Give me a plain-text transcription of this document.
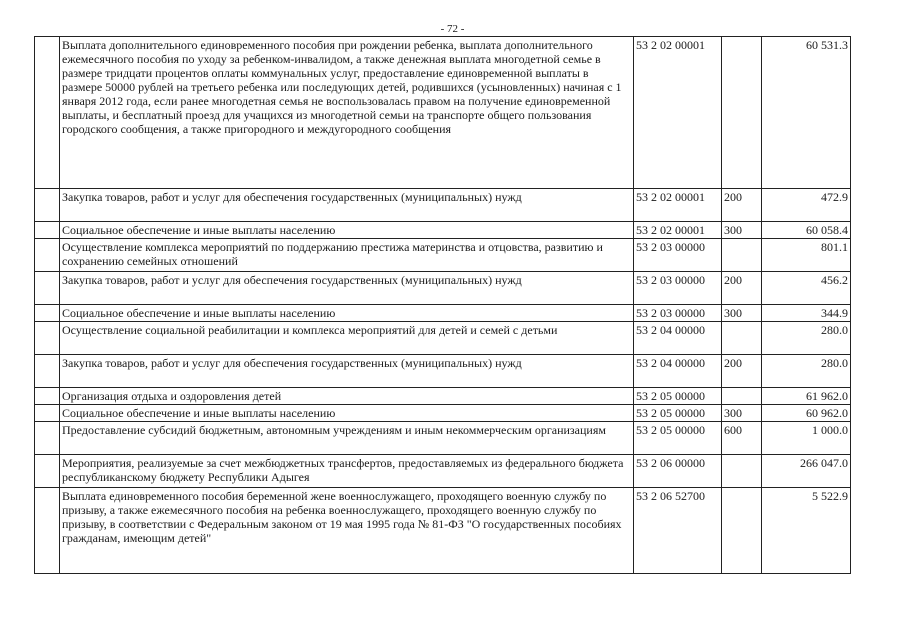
- 72 -
	Выплата дополнительного единовременного пособия при рождении ребенка, выплата дополнительного ежемесячного пособия по уходу за ребенком-инвалидом, а также денежная выплата многодетной семье в размере тридцати процентов оплаты коммунальных услуг, предоставление единовременной выплаты в размере 50000 рублей на третьего ребенка или последующих детей, родившихся (усыновленных) начиная с 1 января 2012 года, если ранее многодетная семья не воспользовалась правом на получение единовременной выплаты, и бесплатный проезд для учащихся из многодетной семьи на транспорте общего пользования городского сообщения, а также пригородного и междугородного сообщения	53 2 02 00001		60 531.3
	Закупка товаров, работ и услуг для обеспечения государственных (муниципальных) нужд	53 2 02 00001	200	472.9
	Социальное обеспечение и иные выплаты населению	53 2 02 00001	300	60 058.4
	Осуществление комплекса мероприятий по поддержанию престижа материнства и отцовства, развитию и сохранению семейных отношений	53 2 03 00000		801.1
	Закупка товаров, работ и услуг для обеспечения государственных (муниципальных) нужд	53 2 03 00000	200	456.2
	Социальное обеспечение и иные выплаты населению	53 2 03 00000	300	344.9
	Осуществление социальной реабилитации и комплекса мероприятий для детей и семей с детьми	53 2 04 00000		280.0
	Закупка товаров, работ и услуг для обеспечения государственных (муниципальных) нужд	53 2 04 00000	200	280.0
	Организация отдыха и оздоровления детей	53 2 05 00000		61 962.0
	Социальное обеспечение и иные выплаты населению	53 2 05 00000	300	60 962.0
	Предоставление субсидий бюджетным, автономным учреждениям и иным некоммерческим организациям	53 2 05 00000	600	1 000.0
	Мероприятия, реализуемые за счет межбюджетных трансфертов, предоставляемых из федерального бюджета республиканскому бюджету Республики Адыгея	53 2 06 00000		266 047.0
	Выплата единовременного пособия беременной жене военнослужащего, проходящего военную службу по призыву, а также ежемесячного пособия на ребенка военнослужащего, проходящего военную службу по призыву, в соответствии с Федеральным законом от 19 мая 1995 года № 81-ФЗ "О государственных пособиях гражданам, имеющим детей"	53 2 06 52700		5 522.9
